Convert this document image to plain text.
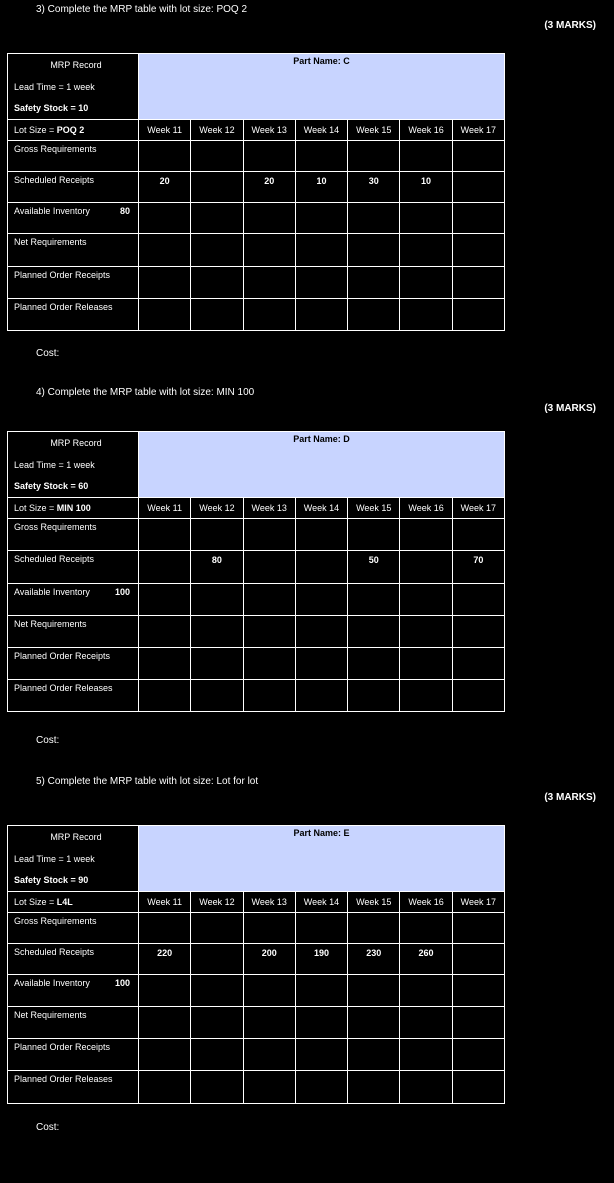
3) Complete the MRP table with lot size: POQ 2
(3 MARKS)
MRP Record	Part Name: C						
Lead Time = 1 week							
Safety Stock = 10							
Lot Size = POQ 2	Week 11	Week 12	Week 13	Week 14	Week 15	Week 16	Week 17
Gross Requirements							
Scheduled Receipts	20		20	10	30	10	
Available Inventory 80							

Net Requirements							
Planned Order Receipts							
Planned Order Releases							
Cost:
4) Complete the MRP table with lot size: MIN 100
(3 MARKS)
MRP Record	Part Name: D						
Lead Time = 1 week							
Safety Stock = 60							
Lot Size = MIN 100	Week 11	Week 12	Week 13	Week 14	Week 15	Week 16	Week 17
Gross Requirements							
Scheduled Receipts		80			50		70
Available Inventory 100							

Net Requirements							
Planned Order Receipts							
Planned Order Releases							
Cost:
5) Complete the MRP table with lot size: Lot for lot
(3 MARKS)
MRP Record	Part Name: E						
Lead Time = 1 week							
Safety Stock = 90							
Lot Size = L4L	Week 11	Week 12	Week 13	Week 14	Week 15	Week 16	Week 17
Gross Requirements							
Scheduled Receipts	220		200	190	230	260	
Available Inventory 100							

Net Requirements							
Planned Order Receipts							
Planned Order Releases							
Cost:
